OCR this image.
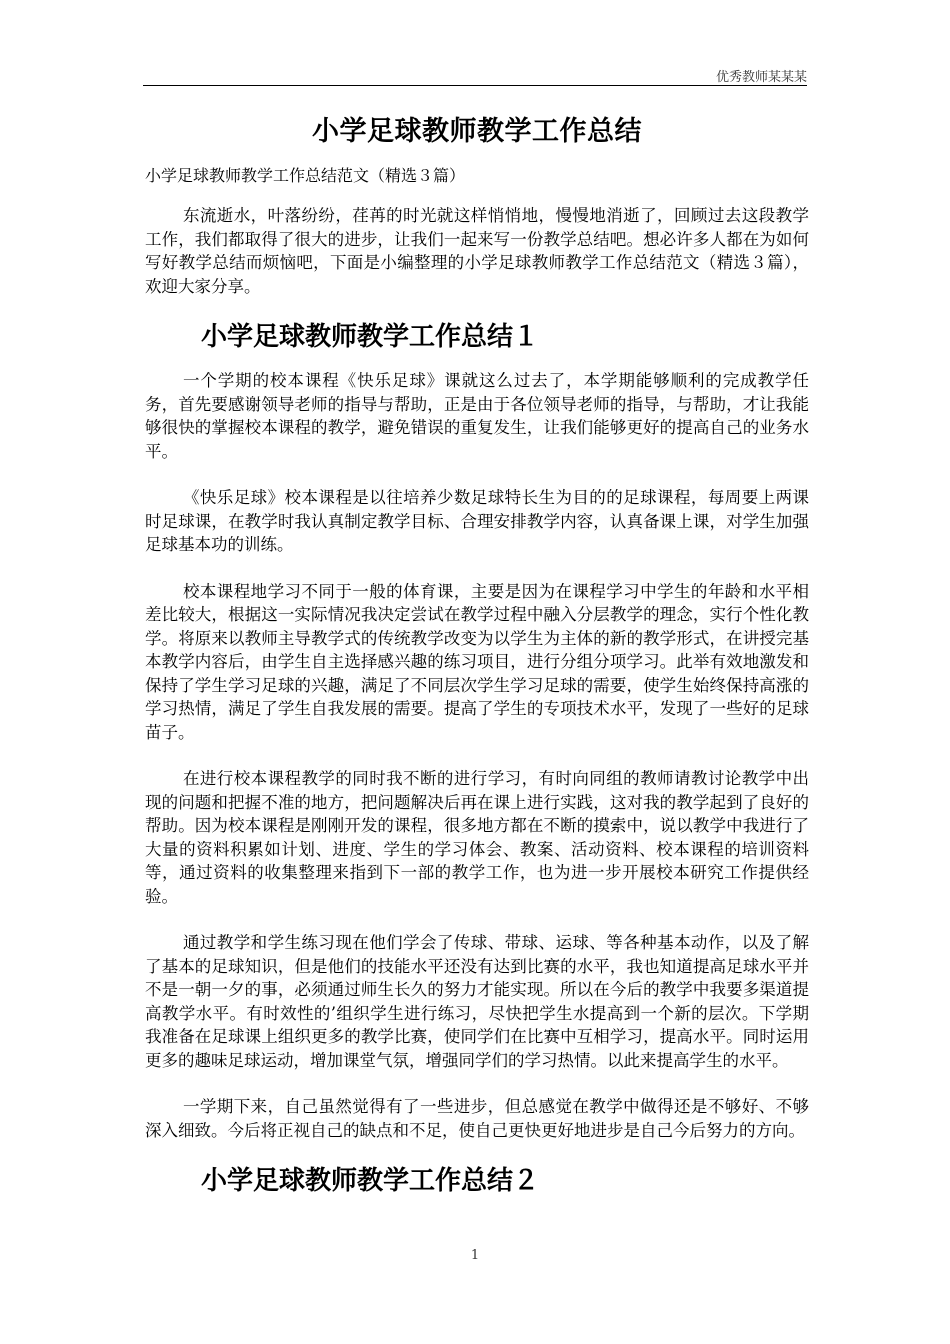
优秀教师某某某
小学足球教师教学工作总结
小学足球教师教学工作总结范文（精选３篇）

东流逝水，叶落纷纷，荏苒的时光就这样悄悄地，慢慢地消逝了，回顾过去这段教学工作，我们都取得了很大的进步，让我们一起来写一份教学总结吧。想必许多人都在为如何写好教学总结而烦恼吧，下面是小编整理的小学足球教师教学工作总结范文（精选３篇），欢迎大家分享。

小学足球教师教学工作总结１

一个学期的校本课程《快乐足球》课就这么过去了，本学期能够顺利的完成教学任务，首先要感谢领导老师的指导与帮助，正是由于各位领导老师的指导，与帮助，才让我能够很快的掌握校本课程的教学，避免错误的重复发生，让我们能够更好的提高自己的业务水平。

《快乐足球》校本课程是以往培养少数足球特长生为目的的足球课程，每周要上两课时足球课，在教学时我认真制定教学目标、合理安排教学内容，认真备课上课，对学生加强足球基本功的训练。

校本课程地学习不同于一般的体育课，主要是因为在课程学习中学生的年龄和水平相差比较大，根据这一实际情况我决定尝试在教学过程中融入分层教学的理念，实行个性化教学。将原来以教师主导教学式的传统教学改变为以学生为主体的新的教学形式，在讲授完基本教学内容后，由学生自主选择感兴趣的练习项目，进行分组分项学习。此举有效地激发和保持了学生学习足球的兴趣，满足了不同层次学生学习足球的需要，使学生始终保持高涨的学习热情，满足了学生自我发展的需要。提高了学生的专项技术水平，发现了一些好的足球苗子。

在进行校本课程教学的同时我不断的进行学习，有时向同组的教师请教讨论教学中出现的问题和把握不准的地方，把问题解决后再在课上进行实践，这对我的教学起到了良好的帮助。因为校本课程是刚刚开发的课程，很多地方都在不断的摸索中，说以教学中我进行了大量的资料积累如计划、进度、学生的学习体会、教案、活动资料、校本课程的培训资料等，通过资料的收集整理来指到下一部的教学工作，也为进一步开展校本研究工作提供经验。

通过教学和学生练习现在他们学会了传球、带球、运球、等各种基本动作，以及了解了基本的足球知识，但是他们的技能水平还没有达到比赛的水平，我也知道提高足球水平并不是一朝一夕的事，必须通过师生长久的努力才能实现。所以在今后的教学中我要多渠道提高教学水平。有时效性的’组织学生进行练习，尽快把学生水提高到一个新的层次。下学期我准备在足球课上组织更多的教学比赛，使同学们在比赛中互相学习，提高水平。同时运用更多的趣味足球运动，增加课堂气氛，增强同学们的学习热情。以此来提高学生的水平。

一学期下来，自己虽然觉得有了一些进步，但总感觉在教学中做得还是不够好、不够深入细致。今后将正视自己的缺点和不足，使自己更快更好地进步是自己今后努力的方向。

小学足球教师教学工作总结２
1
